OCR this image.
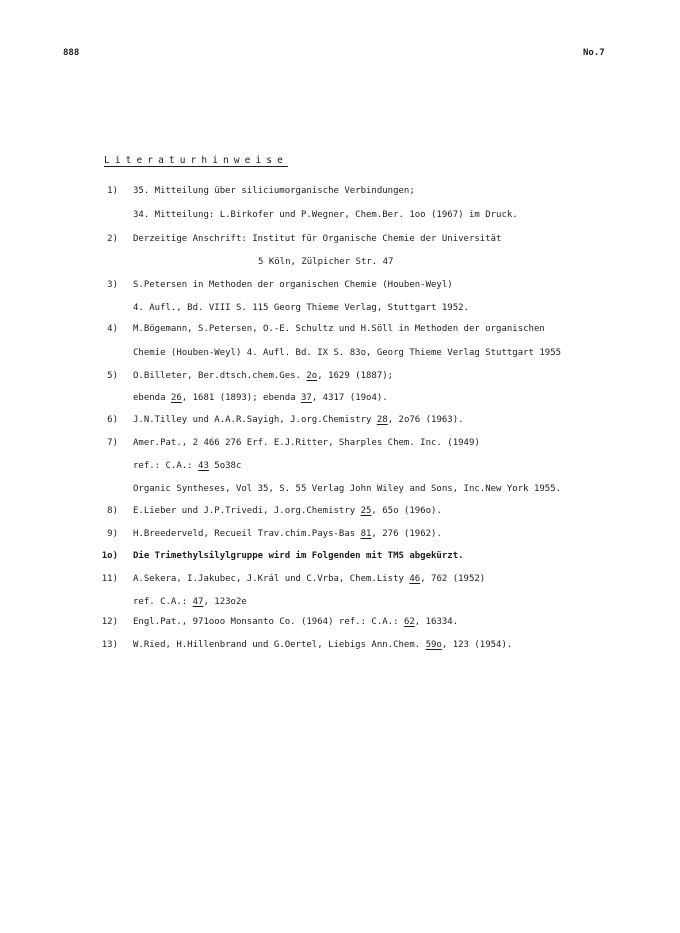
888	No.7
Literaturhinweise
1) 35. Mitteilung über siliciumorganische Verbindungen;
34. Mitteilung: L.Birkofer und P.Wegner, Chem.Ber. 1oo (1967) im Druck.
2) Derzeitige Anschrift: Institut für Organische Chemie der Universität
5 Köln, Zülpicher Str. 47
3) S.Petersen in Methoden der organischen Chemie (Houben-Weyl)
4. Aufl., Bd. VIII S. 115 Georg Thieme Verlag, Stuttgart 1952.
4) M.Bögemann, S.Petersen, O.-E. Schultz und H.Söll in Methoden der organischen
Chemie (Houben-Weyl) 4. Aufl. Bd. IX S. 83o, Georg Thieme Verlag Stuttgart 1955
5) O.Billeter, Ber.dtsch.chem.Ges. 2o, 1629 (1887);
ebenda 26, 1681 (1893); ebenda 37, 4317 (19o4).
6) J.N.Tilley und A.A.R.Sayigh, J.org.Chemistry 28, 2o76 (1963).
7) Amer.Pat., 2 466 276 Erf. E.J.Ritter, Sharples Chem. Inc. (1949)
ref.: C.A.: 43 5o38c
Organic Syntheses, Vol 35, S. 55 Verlag John Wiley and Sons, Inc.New York 1955.
8) E.Lieber und J.P.Trivedi, J.org.Chemistry 25, 65o (196o).
9) H.Breederveld, Recueil Trav.chim.Pays-Bas 81, 276 (1962).
1o) Die Trimethylsilylgruppe wird im Folgenden mit TMS abgekürzt.
11) A.Sekera, I.Jakubec, J.Král und C.Vrba, Chem.Listy 46, 762 (1952)
ref. C.A.: 47, 123o2e
12) Engl.Pat., 971ooo Monsanto Co. (1964) ref.: C.A.: 62, 16334.
13) W.Ried, H.Hillenbrand und G.Oertel, Liebigs Ann.Chem. 59o, 123 (1954).
